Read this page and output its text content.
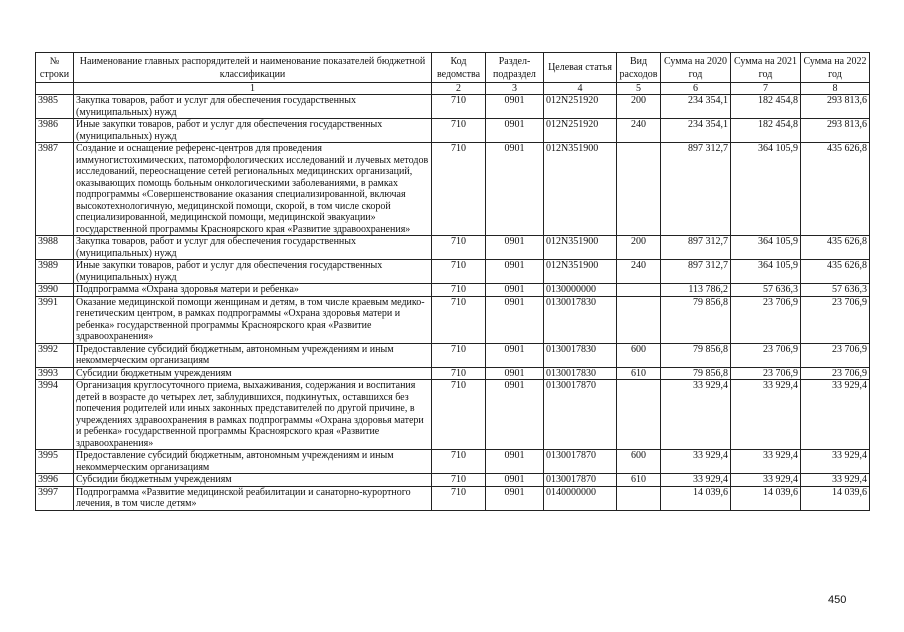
№ строки	Наименование главных распорядителей и наименование показателей бюджетной классификации	Код ведомства	Раздел-подраздел	Целевая статья	Вид расходов	Сумма на 2020 год	Сумма на 2021 год	Сумма на 2022 год
	1	2	3	4	5	6	7	8
3985	Закупка товаров, работ и услуг для обеспечения государственных (муниципальных) нужд	710	0901	012N251920	200	234 354,1	182 454,8	293 813,6
3986	Иные закупки товаров, работ и услуг для обеспечения государственных (муниципальных) нужд	710	0901	012N251920	240	234 354,1	182 454,8	293 813,6
3987	Создание и оснащение референс-центров для проведения иммуногистохимических, патоморфологических исследований и лучевых методов исследований, переоснащение сетей региональных медицинских организаций, оказывающих помощь больным онкологическими заболеваниями, в рамках подпрограммы «Совершенствование оказания специализированной, включая высокотехнологичную, медицинской помощи, скорой, в том числе скорой специализированной, медицинской помощи, медицинской эвакуации» государственной программы Красноярского края «Развитие здравоохранения»	710	0901	012N351900		897 312,7	364 105,9	435 626,8
3988	Закупка товаров, работ и услуг для обеспечения государственных (муниципальных) нужд	710	0901	012N351900	200	897 312,7	364 105,9	435 626,8
3989	Иные закупки товаров, работ и услуг для обеспечения государственных (муниципальных) нужд	710	0901	012N351900	240	897 312,7	364 105,9	435 626,8
3990	Подпрограмма «Охрана здоровья матери и ребенка»	710	0901	0130000000		113 786,2	57 636,3	57 636,3
3991	Оказание медицинской помощи женщинам и детям, в том числе краевым медико-генетическим центром, в рамках подпрограммы «Охрана здоровья матери и ребенка» государственной программы Красноярского края «Развитие здравоохранения»	710	0901	0130017830		79 856,8	23 706,9	23 706,9
3992	Предоставление субсидий бюджетным, автономным учреждениям и иным некоммерческим организациям	710	0901	0130017830	600	79 856,8	23 706,9	23 706,9
3993	Субсидии бюджетным учреждениям	710	0901	0130017830	610	79 856,8	23 706,9	23 706,9
3994	Организация круглосуточного приема, выхаживания, содержания и воспитания детей в возрасте до четырех лет, заблудившихся, подкинутых, оставшихся без попечения родителей или иных законных представителей по другой причине, в учреждениях здравоохранения в рамках подпрограммы «Охрана здоровья матери и ребенка» государственной программы Красноярского края «Развитие здравоохранения»	710	0901	0130017870		33 929,4	33 929,4	33 929,4
3995	Предоставление субсидий бюджетным, автономным учреждениям и иным некоммерческим организациям	710	0901	0130017870	600	33 929,4	33 929,4	33 929,4
3996	Субсидии бюджетным учреждениям	710	0901	0130017870	610	33 929,4	33 929,4	33 929,4
3997	Подпрограмма «Развитие медицинской реабилитации и санаторно-курортного лечения, в том числе детям»	710	0901	0140000000		14 039,6	14 039,6	14 039,6
450
